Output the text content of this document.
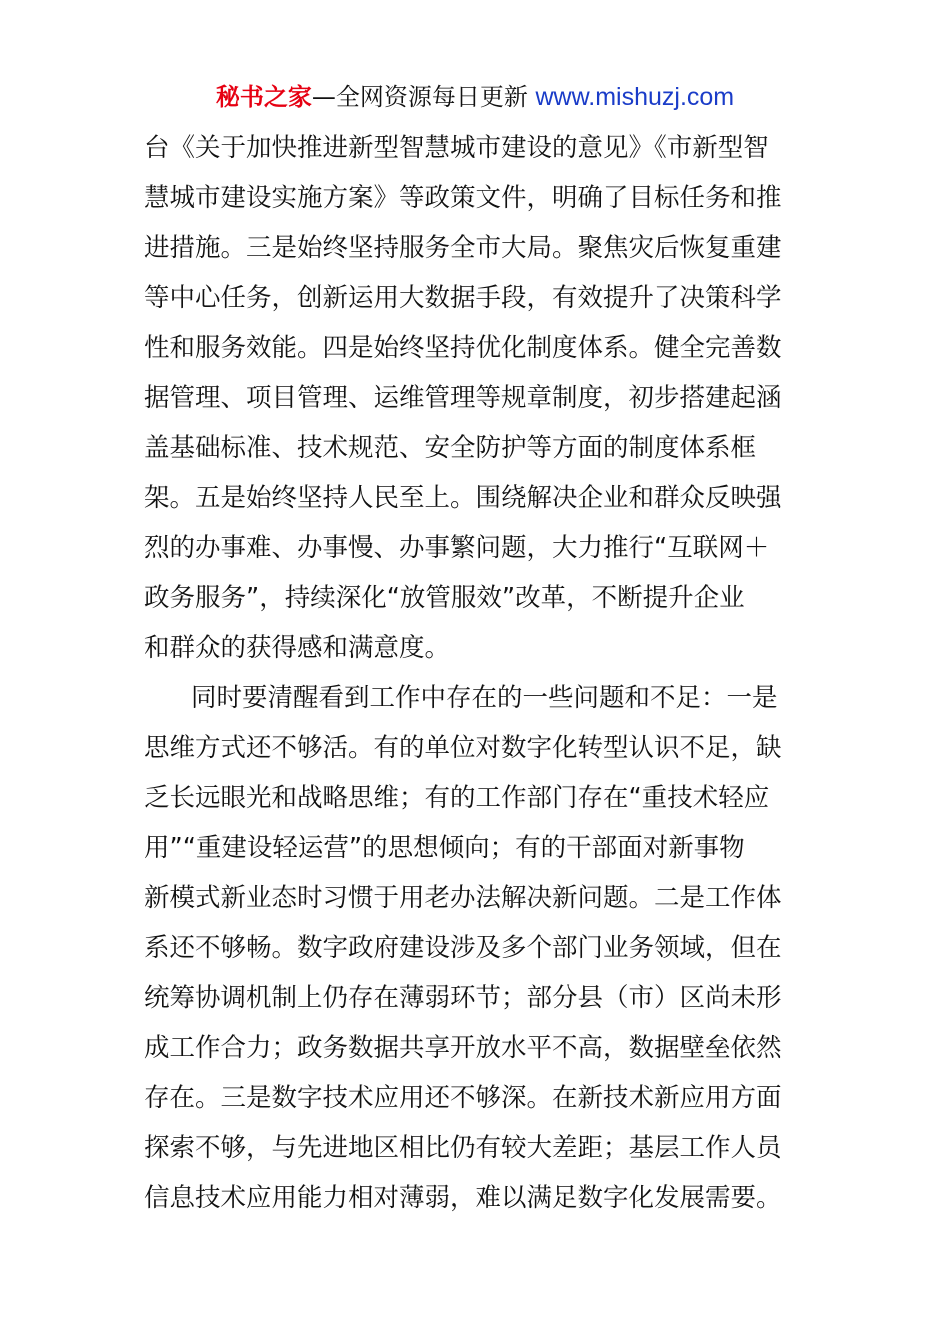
秘书之家—全网资源每日更新 www.mishuzj.com
台《关于加快推进新型智慧城市建设的意见》《市新型智
慧城市建设实施方案》等政策文件，明确了目标任务和推
进措施。三是始终坚持服务全市大局。聚焦灾后恢复重建
等中心任务，创新运用大数据手段，有效提升了决策科学
性和服务效能。四是始终坚持优化制度体系。健全完善数
据管理、项目管理、运维管理等规章制度，初步搭建起涵
盖基础标准、技术规范、安全防护等方面的制度体系框
架。五是始终坚持人民至上。围绕解决企业和群众反映强
烈的办事难、办事慢、办事繁问题，大力推行“互联网＋
政务服务”，持续深化“放管服效”改革，不断提升企业
和群众的获得感和满意度。
同时要清醒看到工作中存在的一些问题和不足：一是
思维方式还不够活。有的单位对数字化转型认识不足，缺
乏长远眼光和战略思维；有的工作部门存在“重技术轻应
用”“重建设轻运营”的思想倾向；有的干部面对新事物
新模式新业态时习惯于用老办法解决新问题。二是工作体
系还不够畅。数字政府建设涉及多个部门业务领域，但在
统筹协调机制上仍存在薄弱环节；部分县（市）区尚未形
成工作合力；政务数据共享开放水平不高，数据壁垒依然
存在。三是数字技术应用还不够深。在新技术新应用方面
探索不够，与先进地区相比仍有较大差距；基层工作人员
信息技术应用能力相对薄弱，难以满足数字化发展需要。
